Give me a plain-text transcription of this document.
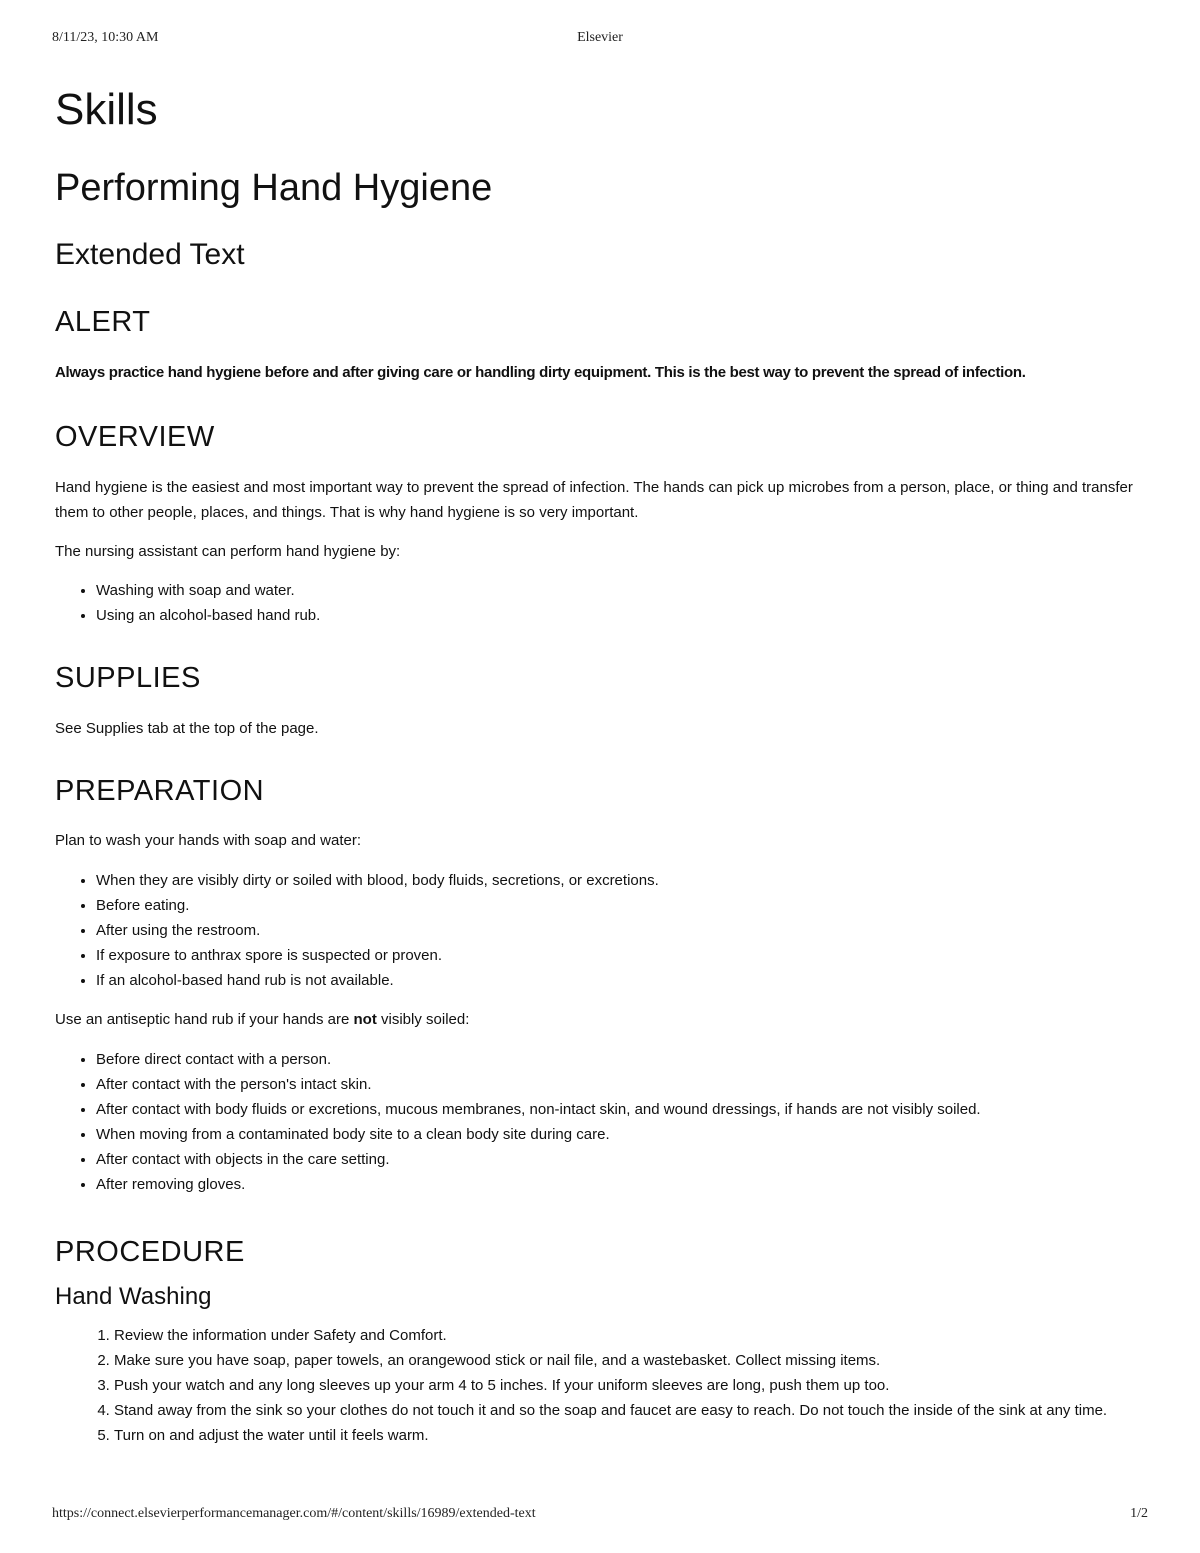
8/11/23, 10:30 AM	Elsevier
Skills
Performing Hand Hygiene
Extended Text
ALERT

Always practice hand hygiene before and after giving care or handling dirty equipment. This is the best way to prevent the spread of infection.

OVERVIEW

Hand hygiene is the easiest and most important way to prevent the spread of infection. The hands can pick up microbes from a person, place, or thing and transfer them to other people, places, and things. That is why hand hygiene is so very important.

The nursing assistant can perform hand hygiene by:

• Washing with soap and water.
• Using an alcohol-based hand rub.
SUPPLIES

See Supplies tab at the top of the page.

PREPARATION

Plan to wash your hands with soap and water:

• When they are visibly dirty or soiled with blood, body fluids, secretions, or excretions.
• Before eating.
• After using the restroom.
• If exposure to anthrax spore is suspected or proven.
• If an alcohol-based hand rub is not available.

Use an antiseptic hand rub if your hands are not visibly soiled:

• Before direct contact with a person.
• After contact with the person's intact skin.
• After contact with body fluids or excretions, mucous membranes, non-intact skin, and wound dressings, if hands are not visibly soiled.
• When moving from a contaminated body site to a clean body site during care.
• After contact with objects in the care setting.
• After removing gloves.
PROCEDURE
Hand Washing
1. Review the information under Safety and Comfort.
2. Make sure you have soap, paper towels, an orangewood stick or nail file, and a wastebasket. Collect missing items.
3. Push your watch and any long sleeves up your arm 4 to 5 inches. If your uniform sleeves are long, push them up too.
4. Stand away from the sink so your clothes do not touch it and so the soap and faucet are easy to reach. Do not touch the inside of the sink at any time.
5. Turn on and adjust the water until it feels warm.
https://connect.elsevierperformancemanager.com/#/content/skills/16989/extended-text	1/2
